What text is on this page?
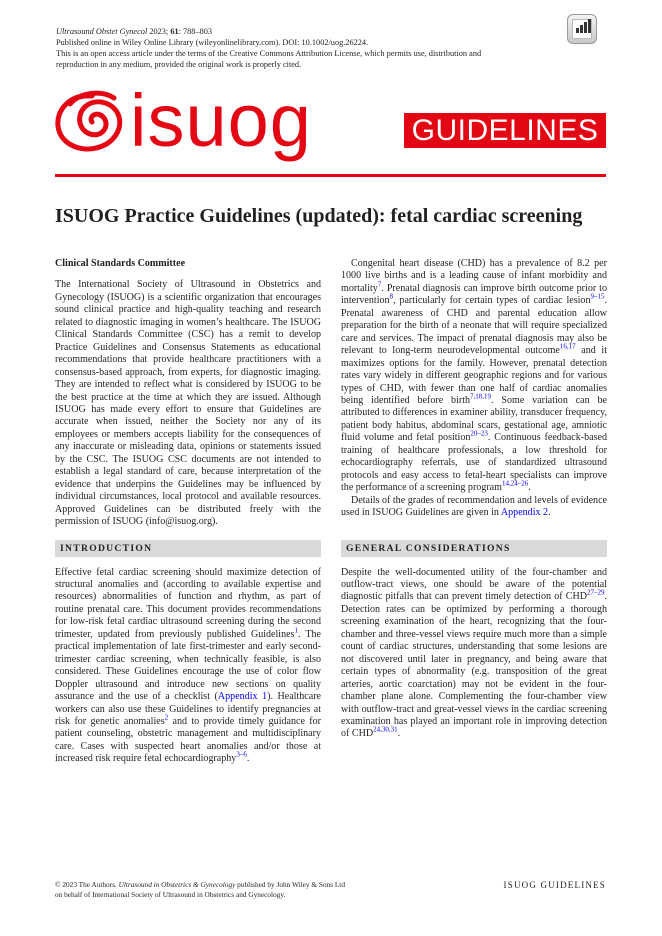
Ultrasound Obstet Gynecol 2023; 61: 788–803
Published online in Wiley Online Library (wileyonlinelibrary.com). DOI: 10.1002/uog.26224.
This is an open access article under the terms of the Creative Commons Attribution License, which permits use, distribution and
reproduction in any medium, provided the original work is properly cited.
isuog	GUIDELINES
ISUOG Practice Guidelines (updated): fetal cardiac screening

Clinical Standards Committee

The International Society of Ultrasound in Obstetrics and Gynecology (ISUOG) is a scientific organization that encourages sound clinical practice and high-quality teaching and research related to diagnostic imaging in women’s healthcare. The ISUOG Clinical Standards Committee (CSC) has a remit to develop Practice Guidelines and Consensus Statements as educational recommendations that provide healthcare practitioners with a consensus-based approach, from experts, for diagnostic imaging. They are intended to reflect what is considered by ISUOG to be the best practice at the time at which they are issued. Although ISUOG has made every effort to ensure that Guidelines are accurate when issued, neither the Society nor any of its employees or members accepts liability for the consequences of any inaccurate or misleading data, opinions or statements issued by the CSC. The ISUOG CSC documents are not intended to establish a legal standard of care, because interpretation of the evidence that underpins the Guidelines may be influenced by individual circumstances, local protocol and available resources. Approved Guidelines can be distributed freely with the permission of ISUOG (info@isuog.org).

INTRODUCTION

Effective fetal cardiac screening should maximize detection of structural anomalies and (according to available expertise and resources) abnormalities of function and rhythm, as part of routine prenatal care. This document provides recommendations for low-risk fetal cardiac ultrasound screening during the second trimester, updated from previously published Guidelines$^1$. The practical implementation of late first-trimester and early second-trimester cardiac screening, when technically feasible, is also considered. These Guidelines encourage the use of color flow Doppler ultrasound and introduce new sections on quality assurance and the use of a checklist (Appendix 1). Healthcare workers can also use these Guidelines to identify pregnancies at risk for genetic anomalies$^2$ and to provide timely guidance for patient counseling, obstetric management and multidisciplinary care. Cases with suspected heart anomalies and/or those at increased risk require fetal echocardiography$^{3-6}$.

Congenital heart disease (CHD) has a prevalence of 8.2 per 1000 live births and is a leading cause of infant morbidity and mortality$^7$. Prenatal diagnosis can improve birth outcome prior to intervention$^8$, particularly for certain types of cardiac lesion$^{9-15}$. Prenatal awareness of CHD and parental education allow preparation for the birth of a neonate that will require specialized care and services. The impact of prenatal diagnosis may also be relevant to long-term neurodevelopmental outcome$^{16,17}$ and it maximizes options for the family. However, prenatal detection rates vary widely in different geographic regions and for various types of CHD, with fewer than one half of cardiac anomalies being identified before birth$^{7,18,19}$. Some variation can be attributed to differences in examiner ability, transducer frequency, patient body habitus, abdominal scars, gestational age, amniotic fluid volume and fetal position$^{20-23}$. Continuous feedback-based training of healthcare professionals, a low threshold for echocardiography referrals, use of standardized ultrasound protocols and easy access to fetal-heart specialists can improve the performance of a screening program$^{14,24-26}$.

Details of the grades of recommendation and levels of evidence used in ISUOG Guidelines are given in Appendix 2.

GENERAL CONSIDERATIONS

Despite the well-documented utility of the four-chamber and outflow-tract views, one should be aware of the potential diagnostic pitfalls that can prevent timely detection of CHD$^{27-29}$. Detection rates can be optimized by performing a thorough screening examination of the heart, recognizing that the four-chamber and three-vessel views require much more than a simple count of cardiac structures, understanding that some lesions are not discovered until later in pregnancy, and being aware that certain types of abnormality (e.g. transposition of the great arteries, aortic coarctation) may not be evident in the four-chamber plane alone. Complementing the four-chamber view with outflow-tract and great-vessel views in the cardiac screening examination has played an important role in improving detection of CHD$^{24,30,31}$.

© 2023 The Authors. Ultrasound in Obstetrics & Gynecology published by John Wiley & Sons Ltd
on behalf of International Society of Ultrasound in Obstetrics and Gynecology.
ISUOG GUIDELINES
